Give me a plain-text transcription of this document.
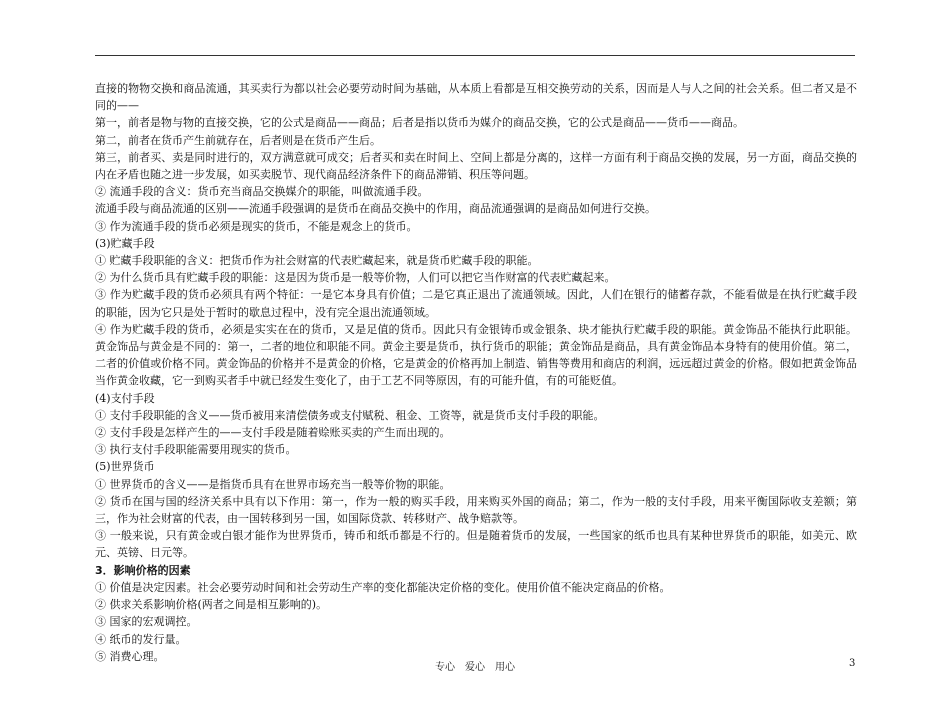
直接的物物交换和商品流通，其买卖行为都以社会必要劳动时间为基础，从本质上看都是互相交换劳动的关系，因而是人与人之间的社会关系。但二者又是不同的——

第一，前者是物与物的直接交换，它的公式是商品——商品；后者是指以货币为媒介的商品交换，它的公式是商品——货币——商品。

第二，前者在货币产生前就存在，后者则是在货币产生后。

第三，前者买、卖是同时进行的，双方满意就可成交；后者买和卖在时间上、空间上都是分离的，这样一方面有利于商品交换的发展，另一方面，商品交换的内在矛盾也随之进一步发展，如买卖脱节、现代商品经济条件下的商品滞销、积压等问题。

② 流通手段的含义：货币充当商品交换媒介的职能，叫做流通手段。

流通手段与商品流通的区别——流通手段强调的是货币在商品交换中的作用，商品流通强调的是商品如何进行交换。

③ 作为流通手段的货币必须是现实的货币，不能是观念上的货币。

(3)贮藏手段

① 贮藏手段职能的含义：把货币作为社会财富的代表贮藏起来，就是货币贮藏手段的职能。

② 为什么货币具有贮藏手段的职能：这是因为货币是一般等价物，人们可以把它当作财富的代表贮藏起来。

③ 作为贮藏手段的货币必须具有两个特征：一是它本身具有价值；二是它真正退出了流通领域。因此，人们在银行的储蓄存款，不能看做是在执行贮藏手段的职能，因为它只是处于暂时的歇息过程中，没有完全退出流通领域。

④ 作为贮藏手段的货币，必须是实实在在的货币，又是足值的货币。因此只有金银铸币或金银条、块才能执行贮藏手段的职能。黄金饰品不能执行此职能。黄金饰品与黄金是不同的：第一，二者的地位和职能不同。黄金主要是货币，执行货币的职能；黄金饰品是商品，具有黄金饰品本身特有的使用价值。第二，二者的价值或价格不同。黄金饰品的价格并不是黄金的价格，它是黄金的价格再加上制造、销售等费用和商店的利润，远远超过黄金的价格。假如把黄金饰品当作黄金收藏，它一到购买者手中就已经发生变化了，由于工艺不同等原因，有的可能升值，有的可能贬值。

(4)支付手段

① 支付手段职能的含义——货币被用来清偿债务或支付赋税、租金、工资等，就是货币支付手段的职能。

② 支付手段是怎样产生的——支付手段是随着赊账买卖的产生而出现的。

③ 执行支付手段职能需要用现实的货币。

(5)世界货币

① 世界货币的含义——是指货币具有在世界市场充当一般等价物的职能。

② 货币在国与国的经济关系中具有以下作用：第一，作为一般的购买手段，用来购买外国的商品；第二，作为一般的支付手段，用来平衡国际收支差额；第三，作为社会财富的代表，由一国转移到另一国，如国际贷款、转移财产、战争赔款等。

③ 一般来说，只有黄金或白银才能作为世界货币，铸币和纸币都是不行的。但是随着货币的发展，一些国家的纸币也具有某种世界货币的职能，如美元、欧元、英镑、日元等。

3．影响价格的因素

① 价值是决定因素。社会必要劳动时间和社会劳动生产率的变化都能决定价格的变化。使用价值不能决定商品的价格。

② 供求关系影响价格(两者之间是相互影响的)。

③ 国家的宏观调控。

④ 纸币的发行量。

⑤ 消费心理。

专心　爱心　用心	3
